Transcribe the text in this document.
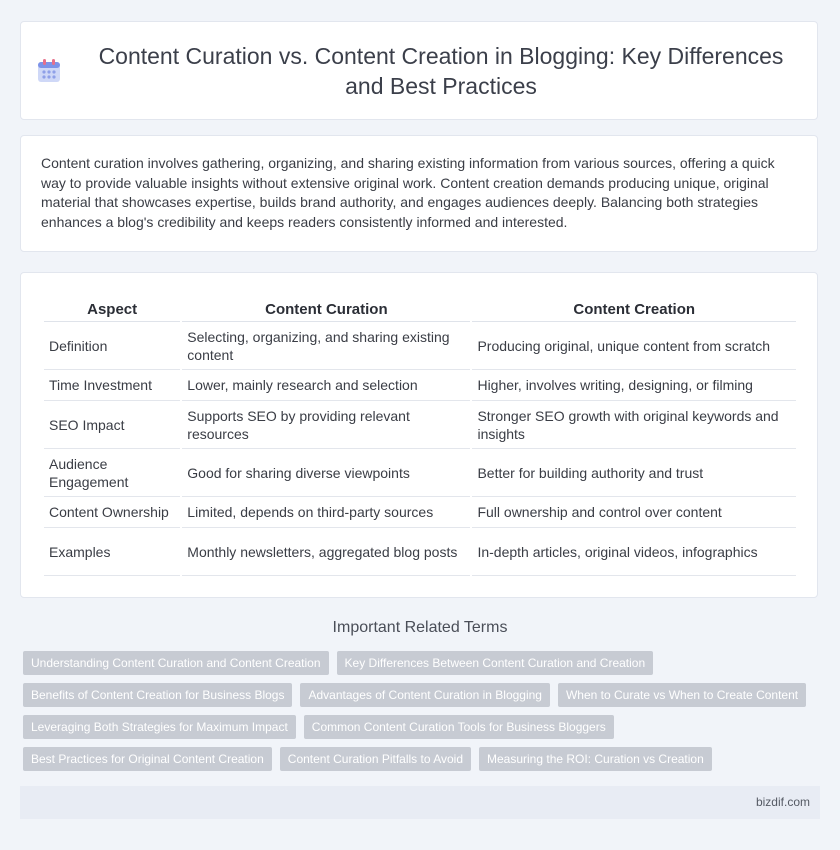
Content Curation vs. Content Creation in Blogging: Key Differences and Best Practices

Content curation involves gathering, organizing, and sharing existing information from various sources, offering a quick way to provide valuable insights without extensive original work. Content creation demands producing unique, original material that showcases expertise, builds brand authority, and engages audiences deeply. Balancing both strategies enhances a blog's credibility and keeps readers consistently informed and interested.

Aspect	Content Curation	Content Creation
Definition	Selecting, organizing, and sharing existing content	Producing original, unique content from scratch
Time Investment	Lower, mainly research and selection	Higher, involves writing, designing, or filming
SEO Impact	Supports SEO by providing relevant resources	Stronger SEO growth with original keywords and insights
Audience Engagement	Good for sharing diverse viewpoints	Better for building authority and trust
Content Ownership	Limited, depends on third-party sources	Full ownership and control over content
Examples	Monthly newsletters, aggregated blog posts	In-depth articles, original videos, infographics
Important Related Terms
Understanding Content Curation and Content Creation	Key Differences Between Content Curation and Creation
Benefits of Content Creation for Business Blogs	Advantages of Content Curation in Blogging	When to Curate vs When to Create Content
Leveraging Both Strategies for Maximum Impact	Common Content Curation Tools for Business Bloggers
Best Practices for Original Content Creation	Content Curation Pitfalls to Avoid	Measuring the ROI: Curation vs Creation
bizdif.com
